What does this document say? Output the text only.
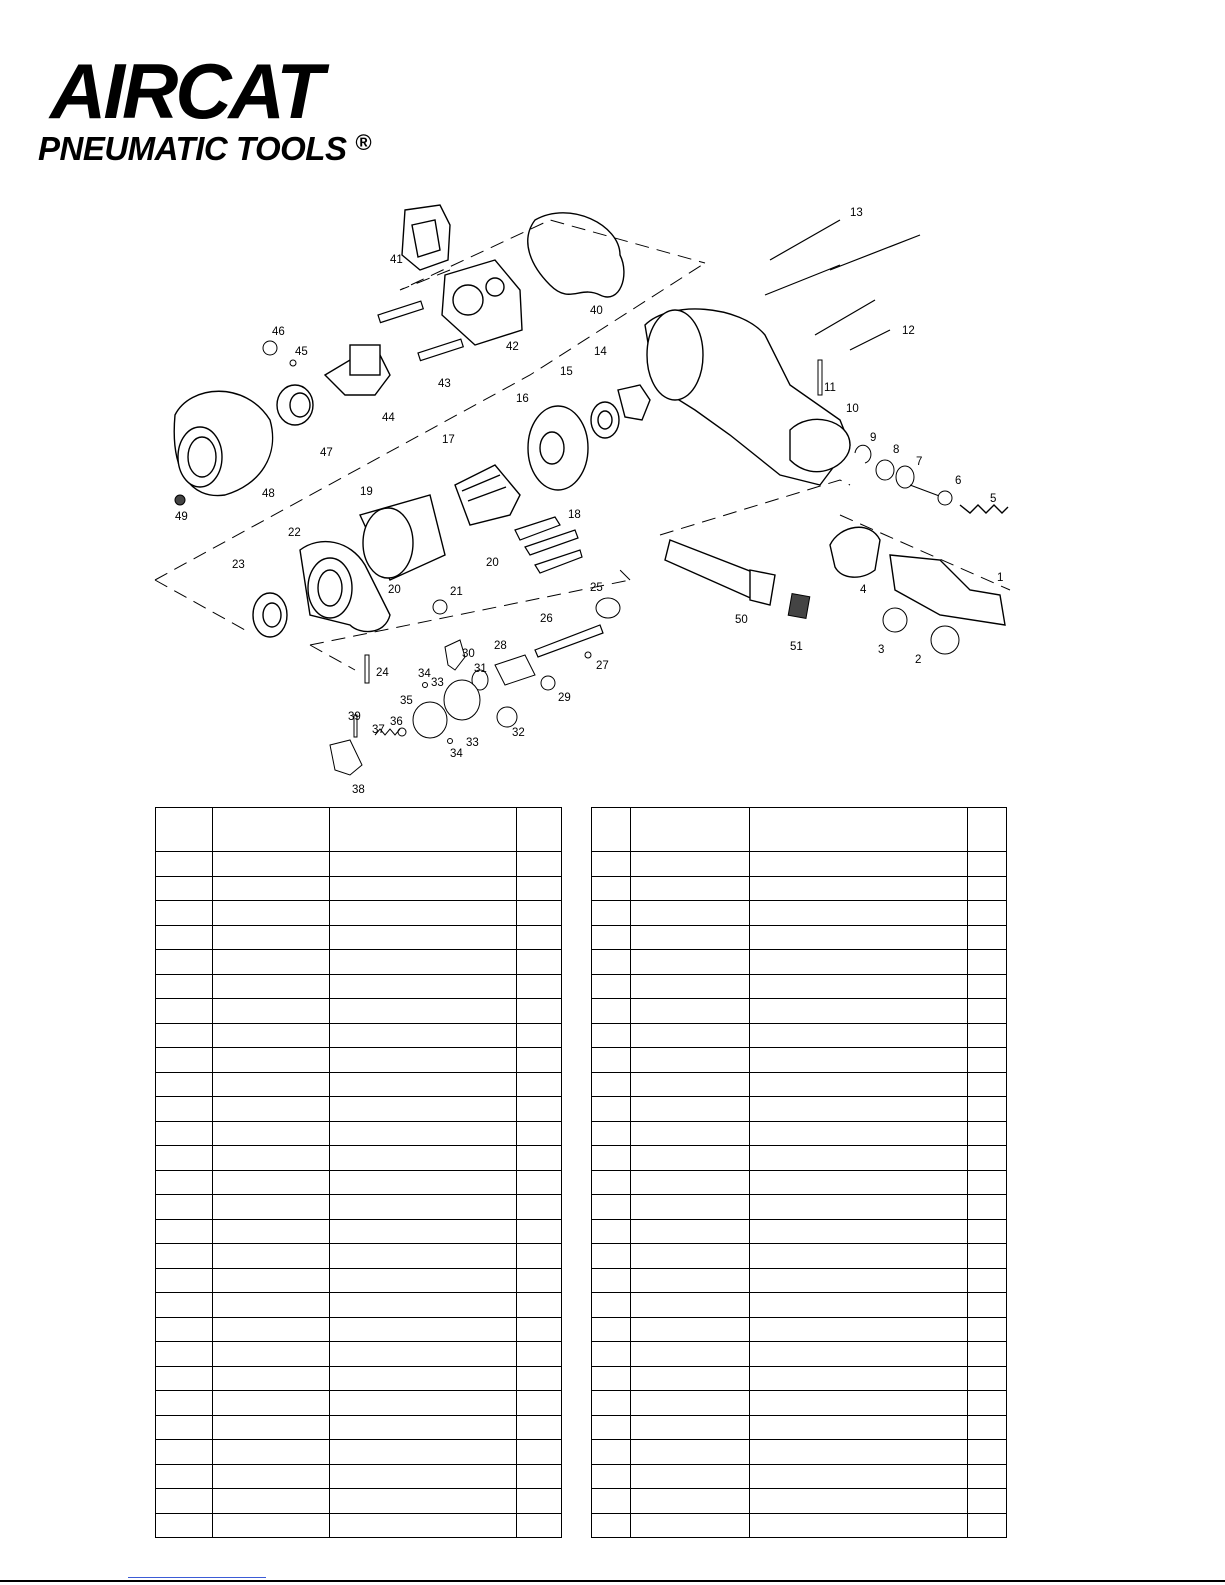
AIRCAT
PNEUMATIC TOOLS ®
1
2
3
4
5
6
7
8
9
10
11
12
13
14
15
16
17
18
19
20
20	21
22
23
24
25
26
27
28
29
30
31
32
33
33
34
34
35
36
37
38
39
40
41
42
43
44
45
46
47
48
49
50
51
